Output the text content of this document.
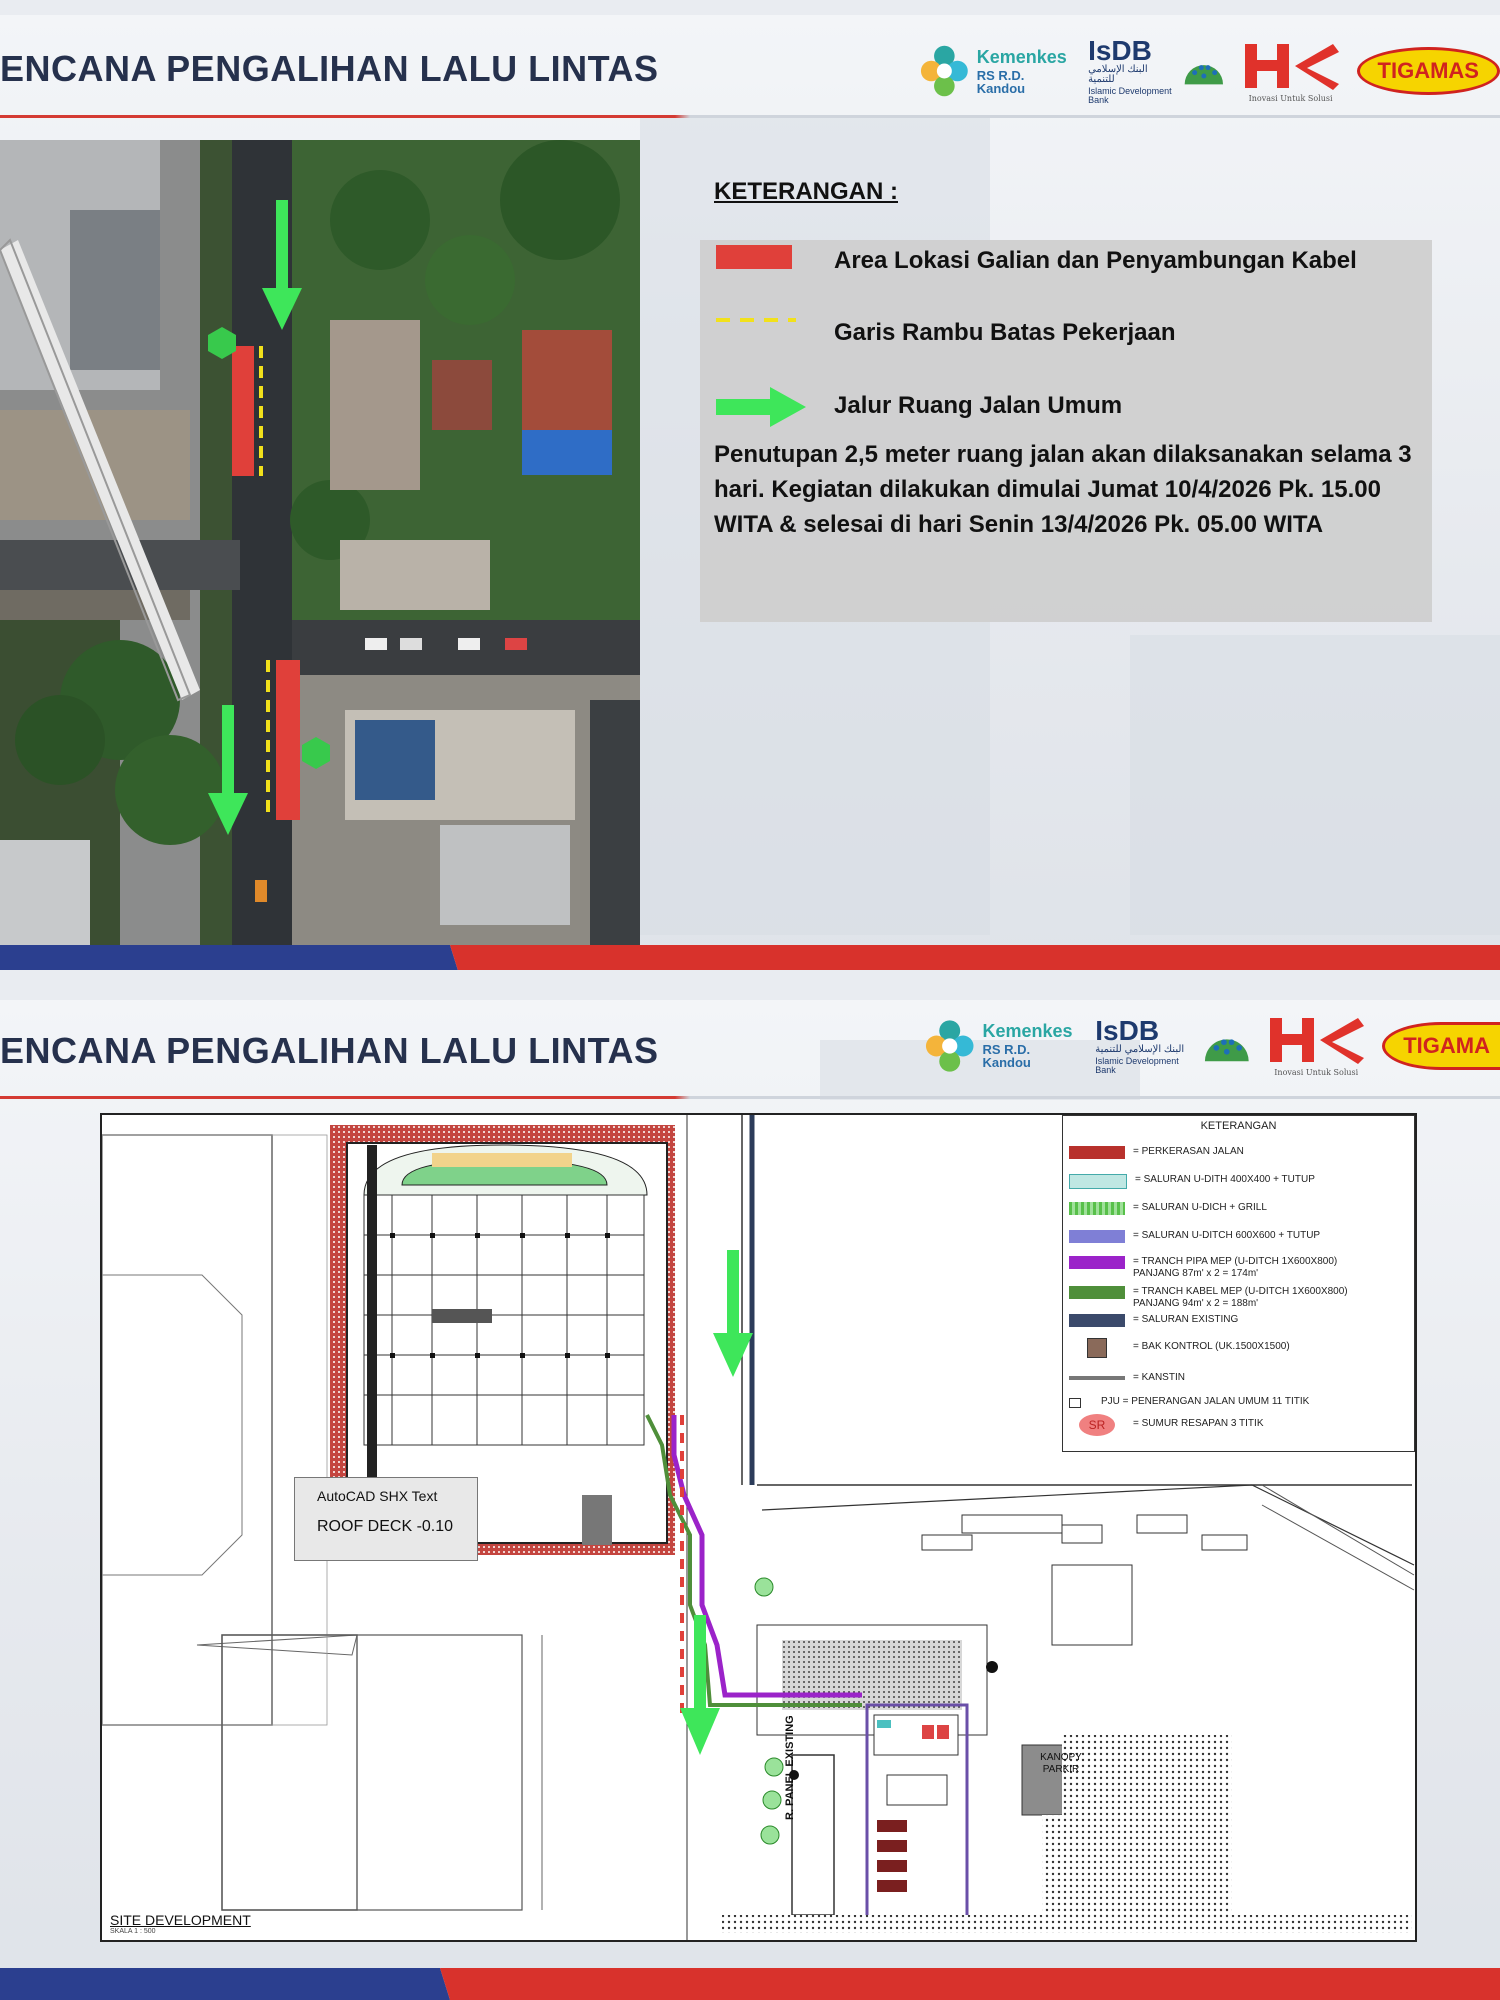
ENCANA PENGALIHAN LALU LINTAS	Kemenkes
RS R.D. Kandou
IsDB
البنك الإسلامي للتنمية
Islamic Development Bank	Inovasi Untuk Solusi
TIGAMAS
KETERANGAN :
Area Lokasi Galian dan Penyambungan Kabel
Garis Rambu Batas Pekerjaan
Jalur Ruang Jalan Umum
Penutupan 2,5 meter ruang jalan akan dilaksanakan selama 3 hari. Kegiatan dilakukan dimulai Jumat 10/4/2026 Pk. 15.00 WITA & selesai di hari Senin 13/4/2026 Pk. 05.00 WITA
ENCANA PENGALIHAN LALU LINTAS	Kemenkes
RS R.D. Kandou
IsDB
البنك الإسلامي للتنمية
Islamic Development Bank	Inovasi Untuk Solusi
TIGAMA
KETERANGAN
= PERKERASAN JALAN
= SALURAN U-DITH 400X400 + TUTUP
= SALURAN U-DICH + GRILL
= SALURAN U-DITCH 600X600 + TUTUP
= TRANCH PIPA MEP (U-DITCH 1X600X800)
PANJANG 87m' x 2 = 174m'
= TRANCH KABEL MEP (U-DITCH 1X600X800)
PANJANG 94m' x 2 = 188m'
= SALURAN EXISTING
= BAK KONTROL (UK.1500X1500)
= KANSTIN
PJU = PENERANGAN JALAN UMUM 11 TITIK
SR	= SUMUR RESAPAN 3 TITIK
AutoCAD SHX Text
ROOF DECK -0.10
R. PANEL EXISTING	KANOPY
PARKIR
SITE DEVELOPMENT
SKALA 1 : 500
